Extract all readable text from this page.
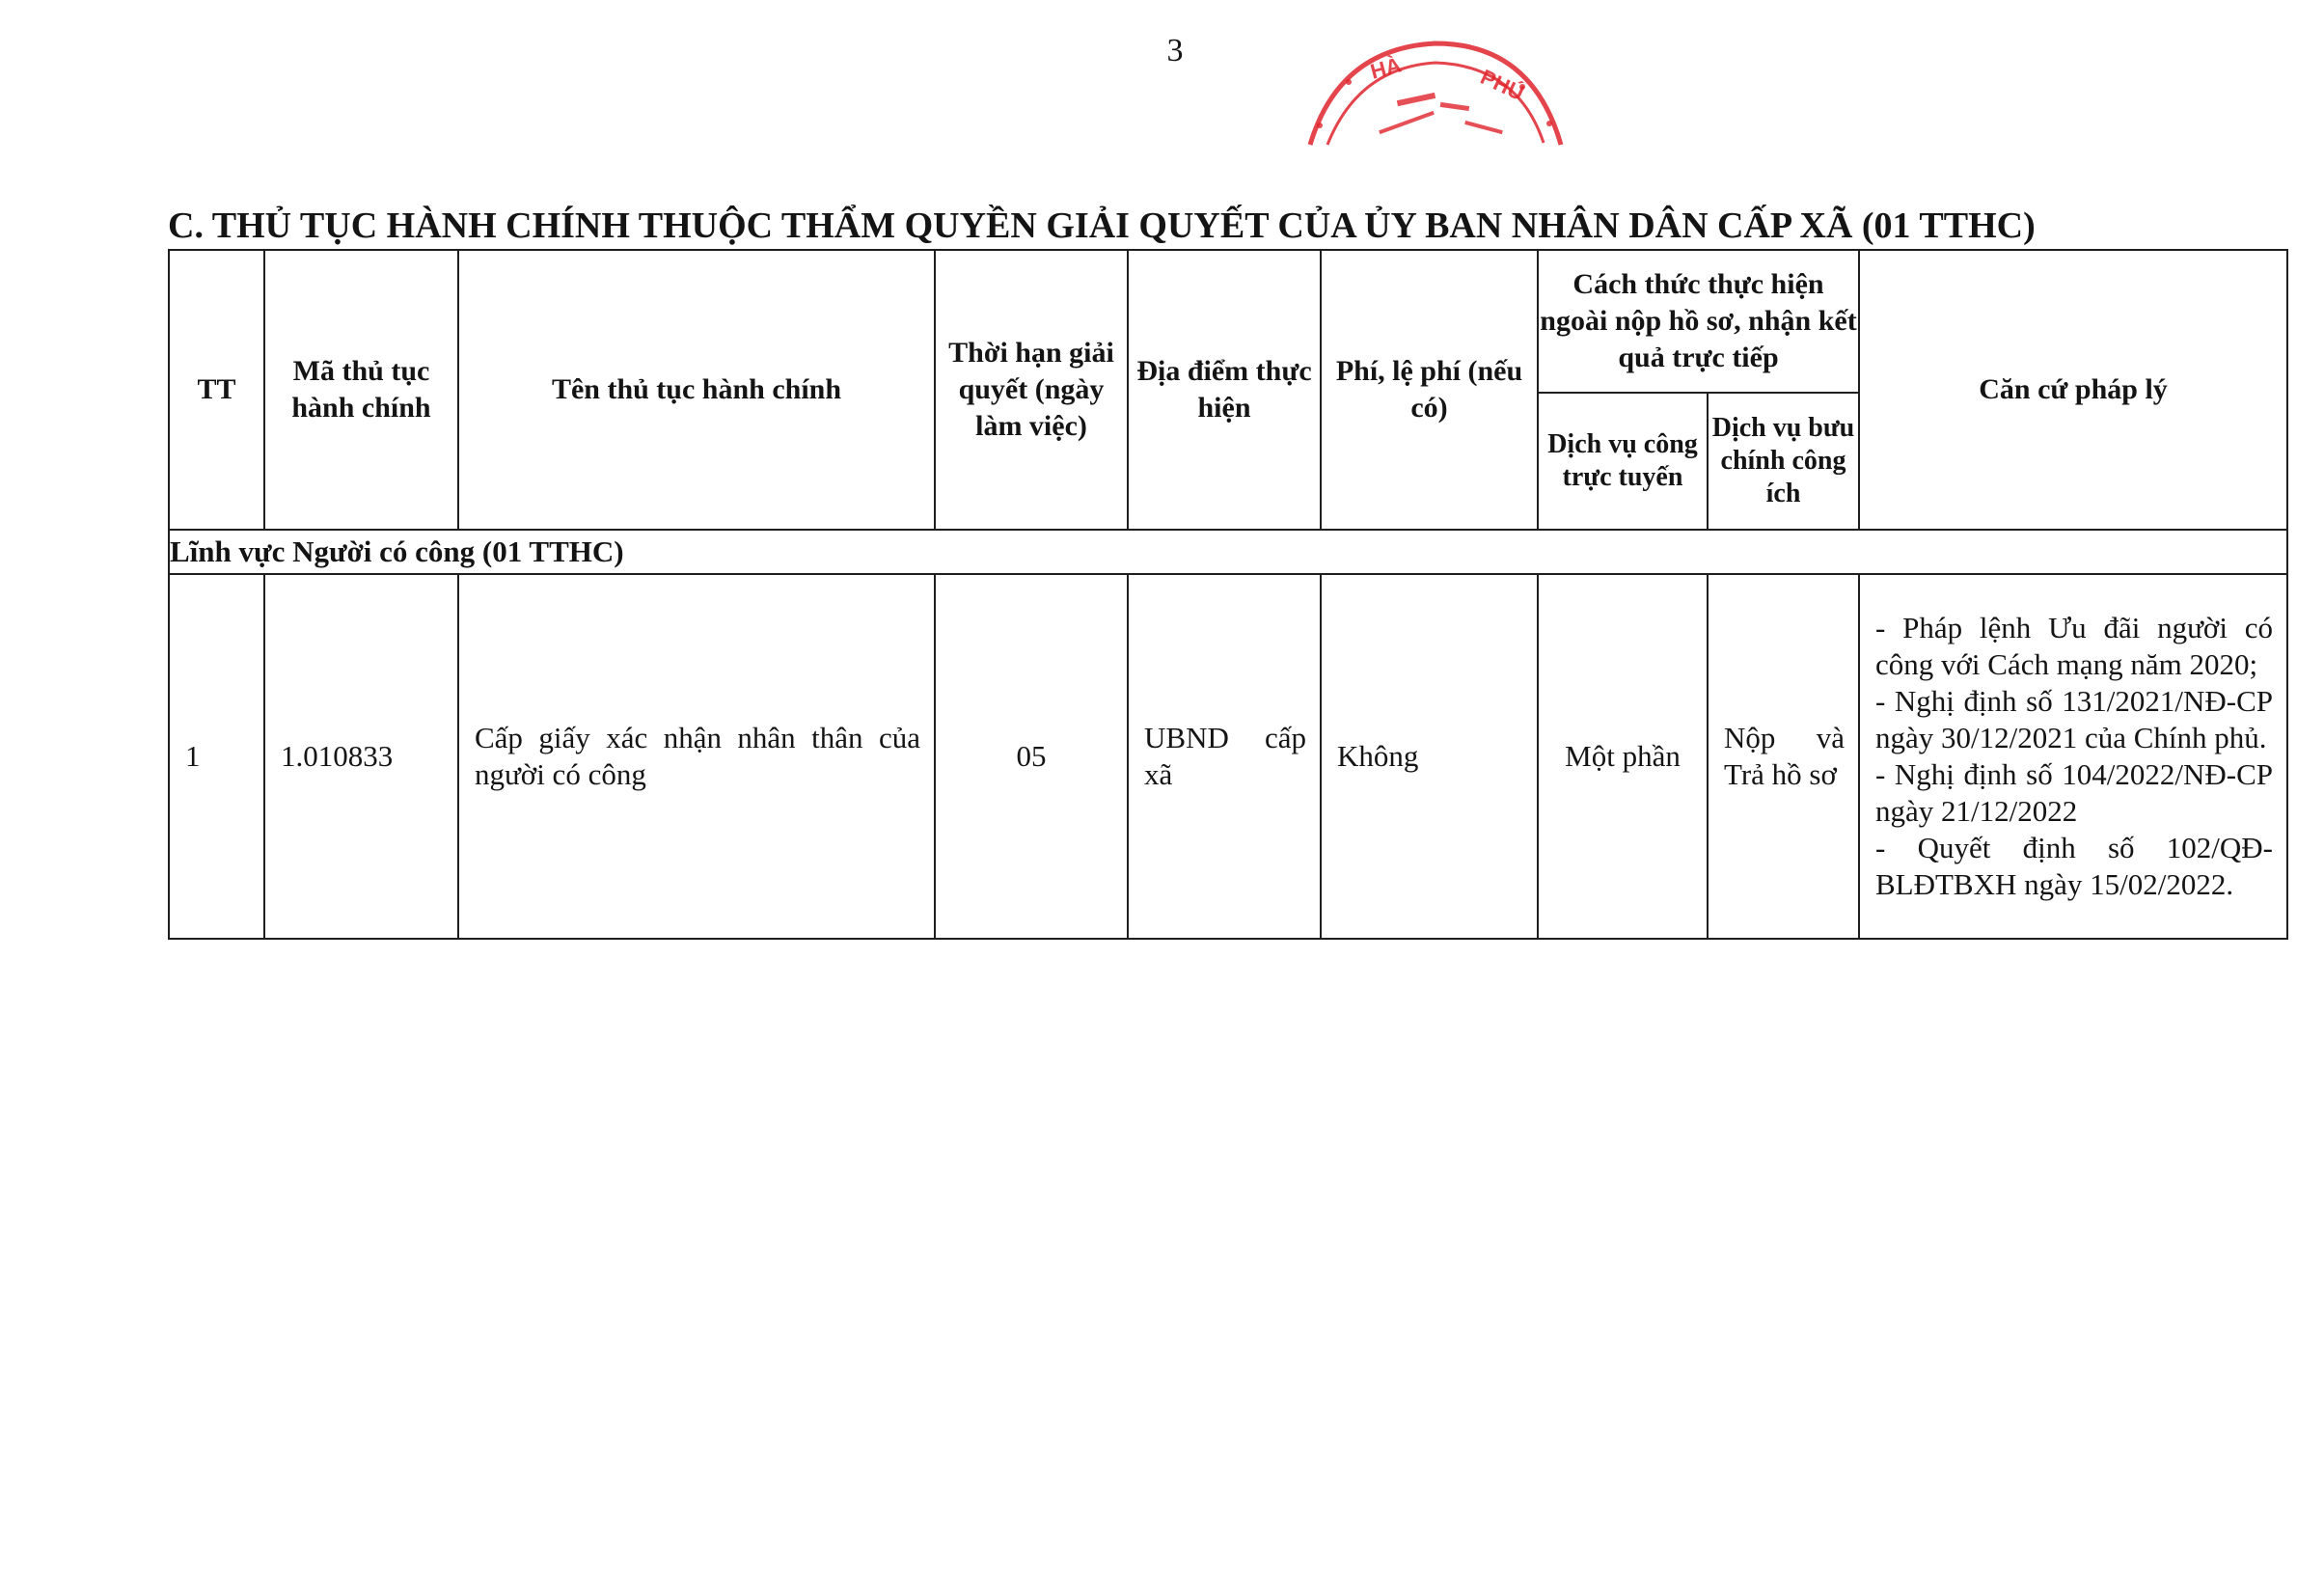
3	HÀ	PHÚ
C. THỦ TỤC HÀNH CHÍNH THUỘC THẨM QUYỀN GIẢI QUYẾT CỦA ỦY BAN NHÂN DÂN CẤP XÃ (01 TTHC)
TT	Mã thủ tục hành chính	Tên thủ tục hành chính	Thời hạn giải quyết (ngày làm việc)	Địa điểm thực hiện	Phí, lệ phí (nếu có)	Cách thức thực hiện ngoài nộp hồ sơ, nhận kết quả trực tiếp		Căn cứ pháp lý
						Dịch vụ công trực tuyến	Dịch vụ bưu chính công ích	
Lĩnh vực Người có công (01 TTHC)								
1	1.010833	Cấp giấy xác nhận nhân thân của người có công	05	UBND cấp xã	Không	Một phần	Nộp và Trả hồ sơ	- Pháp lệnh Ưu đãi người có công với Cách mạng năm 2020;
- Nghị định số 131/2021/NĐ-CP ngày 30/12/2021 của Chính phủ.
- Nghị định số 104/2022/NĐ-CP ngày 21/12/2022
- Quyết định số 102/QĐ-BLĐTBXH ngày 15/02/2022.
